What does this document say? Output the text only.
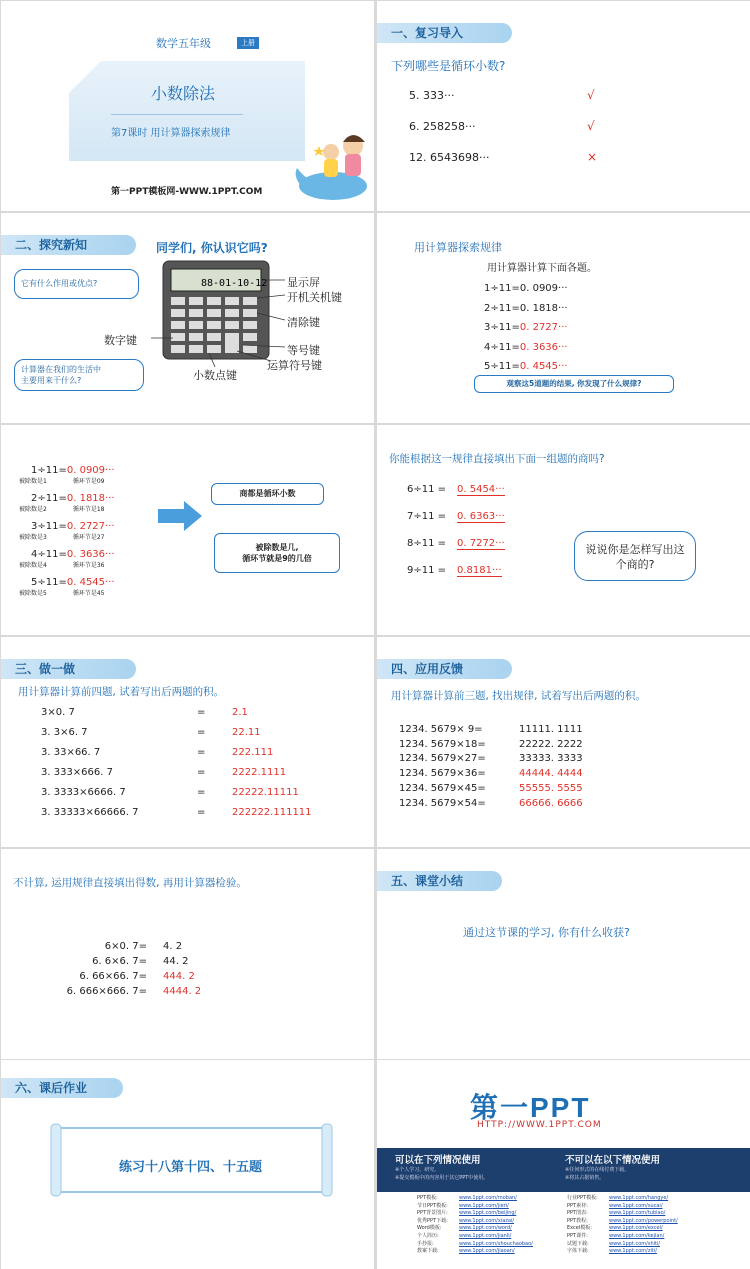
数学五年级	上册
小数除法
第7课时 用计算器探索规律
第一PPT模板网-WWW.1PPT.COM
一、复习导入
下列哪些是循环小数?
5. 333···	√
6. 258258···	√
12. 6543698···	×
二、探究新知	同学们, 你认识它吗?
它有什么作用或优点?
计算器在我们的生活中
主要用来干什么?
88-01-10-12 显示屏
开机关机键
清除键
数字键
等号键
运算符号键
小数点键
用计算器探索规律
用计算器计算下面各题。
1÷11=0. 0909···
2÷11=0. 1818···
3÷11=0. 2727···
4÷11=0. 3636···
5÷11=0. 4545···
观察这5道题的结果, 你发现了什么规律?
1÷11=0. 0909···
被除数是1	循环节是09
2÷11=0. 1818···
被除数是2	循环节是18
3÷11=0. 2727···
被除数是3	循环节是27
4÷11=0. 3636···
被除数是4	循环节是36
5÷11=0. 4545···
被除数是5	循环节是45
商都是循环小数
被除数是几,
循环节就是9的几倍
你能根据这一规律直接填出下面一组题的商吗?
6÷11 = 0. 5454···
7÷11 = 0. 6363···
8÷11 = 0. 7272···
9÷11 = 0.8181···
说说你是怎样写出这个商的?
三、做一做
用计算器计算前四题, 试着写出后两题的积。
3×0. 7	=	2.1
3. 3×6. 7	=	22.11
3. 33×66. 7	=	222.111
3. 333×666. 7	=	2222.1111
3. 3333×6666. 7	=	22222.11111
3. 33333×66666. 7	=	222222.111111
四、应用反馈
用计算器计算前三题, 找出规律, 试着写出后两题的积。
1234. 5679× 9=	11111. 1111
1234. 5679×18=	22222. 2222
1234. 5679×27=	33333. 3333
1234. 5679×36=	44444. 4444
1234. 5679×45=	55555. 5555
1234. 5679×54=	66666. 6666
不计算, 运用规律直接填出得数, 再用计算器检验。
6×0. 7= 4. 2
6. 6×6. 7= 44. 2
6. 66×66. 7= 444. 2
6. 666×666. 7= 4444. 2
五、课堂小结
通过这节课的学习, 你有什么收获?
六、课后作业
练习十八第十四、十五题
第一PPT
HTTP://WWW.1PPT.COM
可以在下列情况使用
※个人学习、研究。
※提交模板中的内容用于其它PPT中使用。
不可以在以下情况使用
※任何形式的在线付费下载。
※将其占据销售。
PPT模板:	www.1ppt.com/moban/
节日PPT模板: www.1ppt.com/jieri/
PPT背景图片: www.1ppt.com/beijing/
优秀PPT下载: www.1ppt.com/xiazai/
Word模板:	www.1ppt.com/word/
个人简历:	www.1ppt.com/jianli/
手抄报:	www.1ppt.com/shouchaobao/
教案下载:	www.1ppt.com/jiaoan/
行业PPT模板: www.1ppt.com/hangye/
PPT素材:	www.1ppt.com/sucai/
PPT图表:	www.1ppt.com/tubiao/
PPT教程:	www.1ppt.com/powerpoint/
Excel模板:	www.1ppt.com/excel/
PPT课件:	www.1ppt.com/kejian/
试题下载:	www.1ppt.com/shiti/
字体下载:	www.1ppt.com/ziti/
